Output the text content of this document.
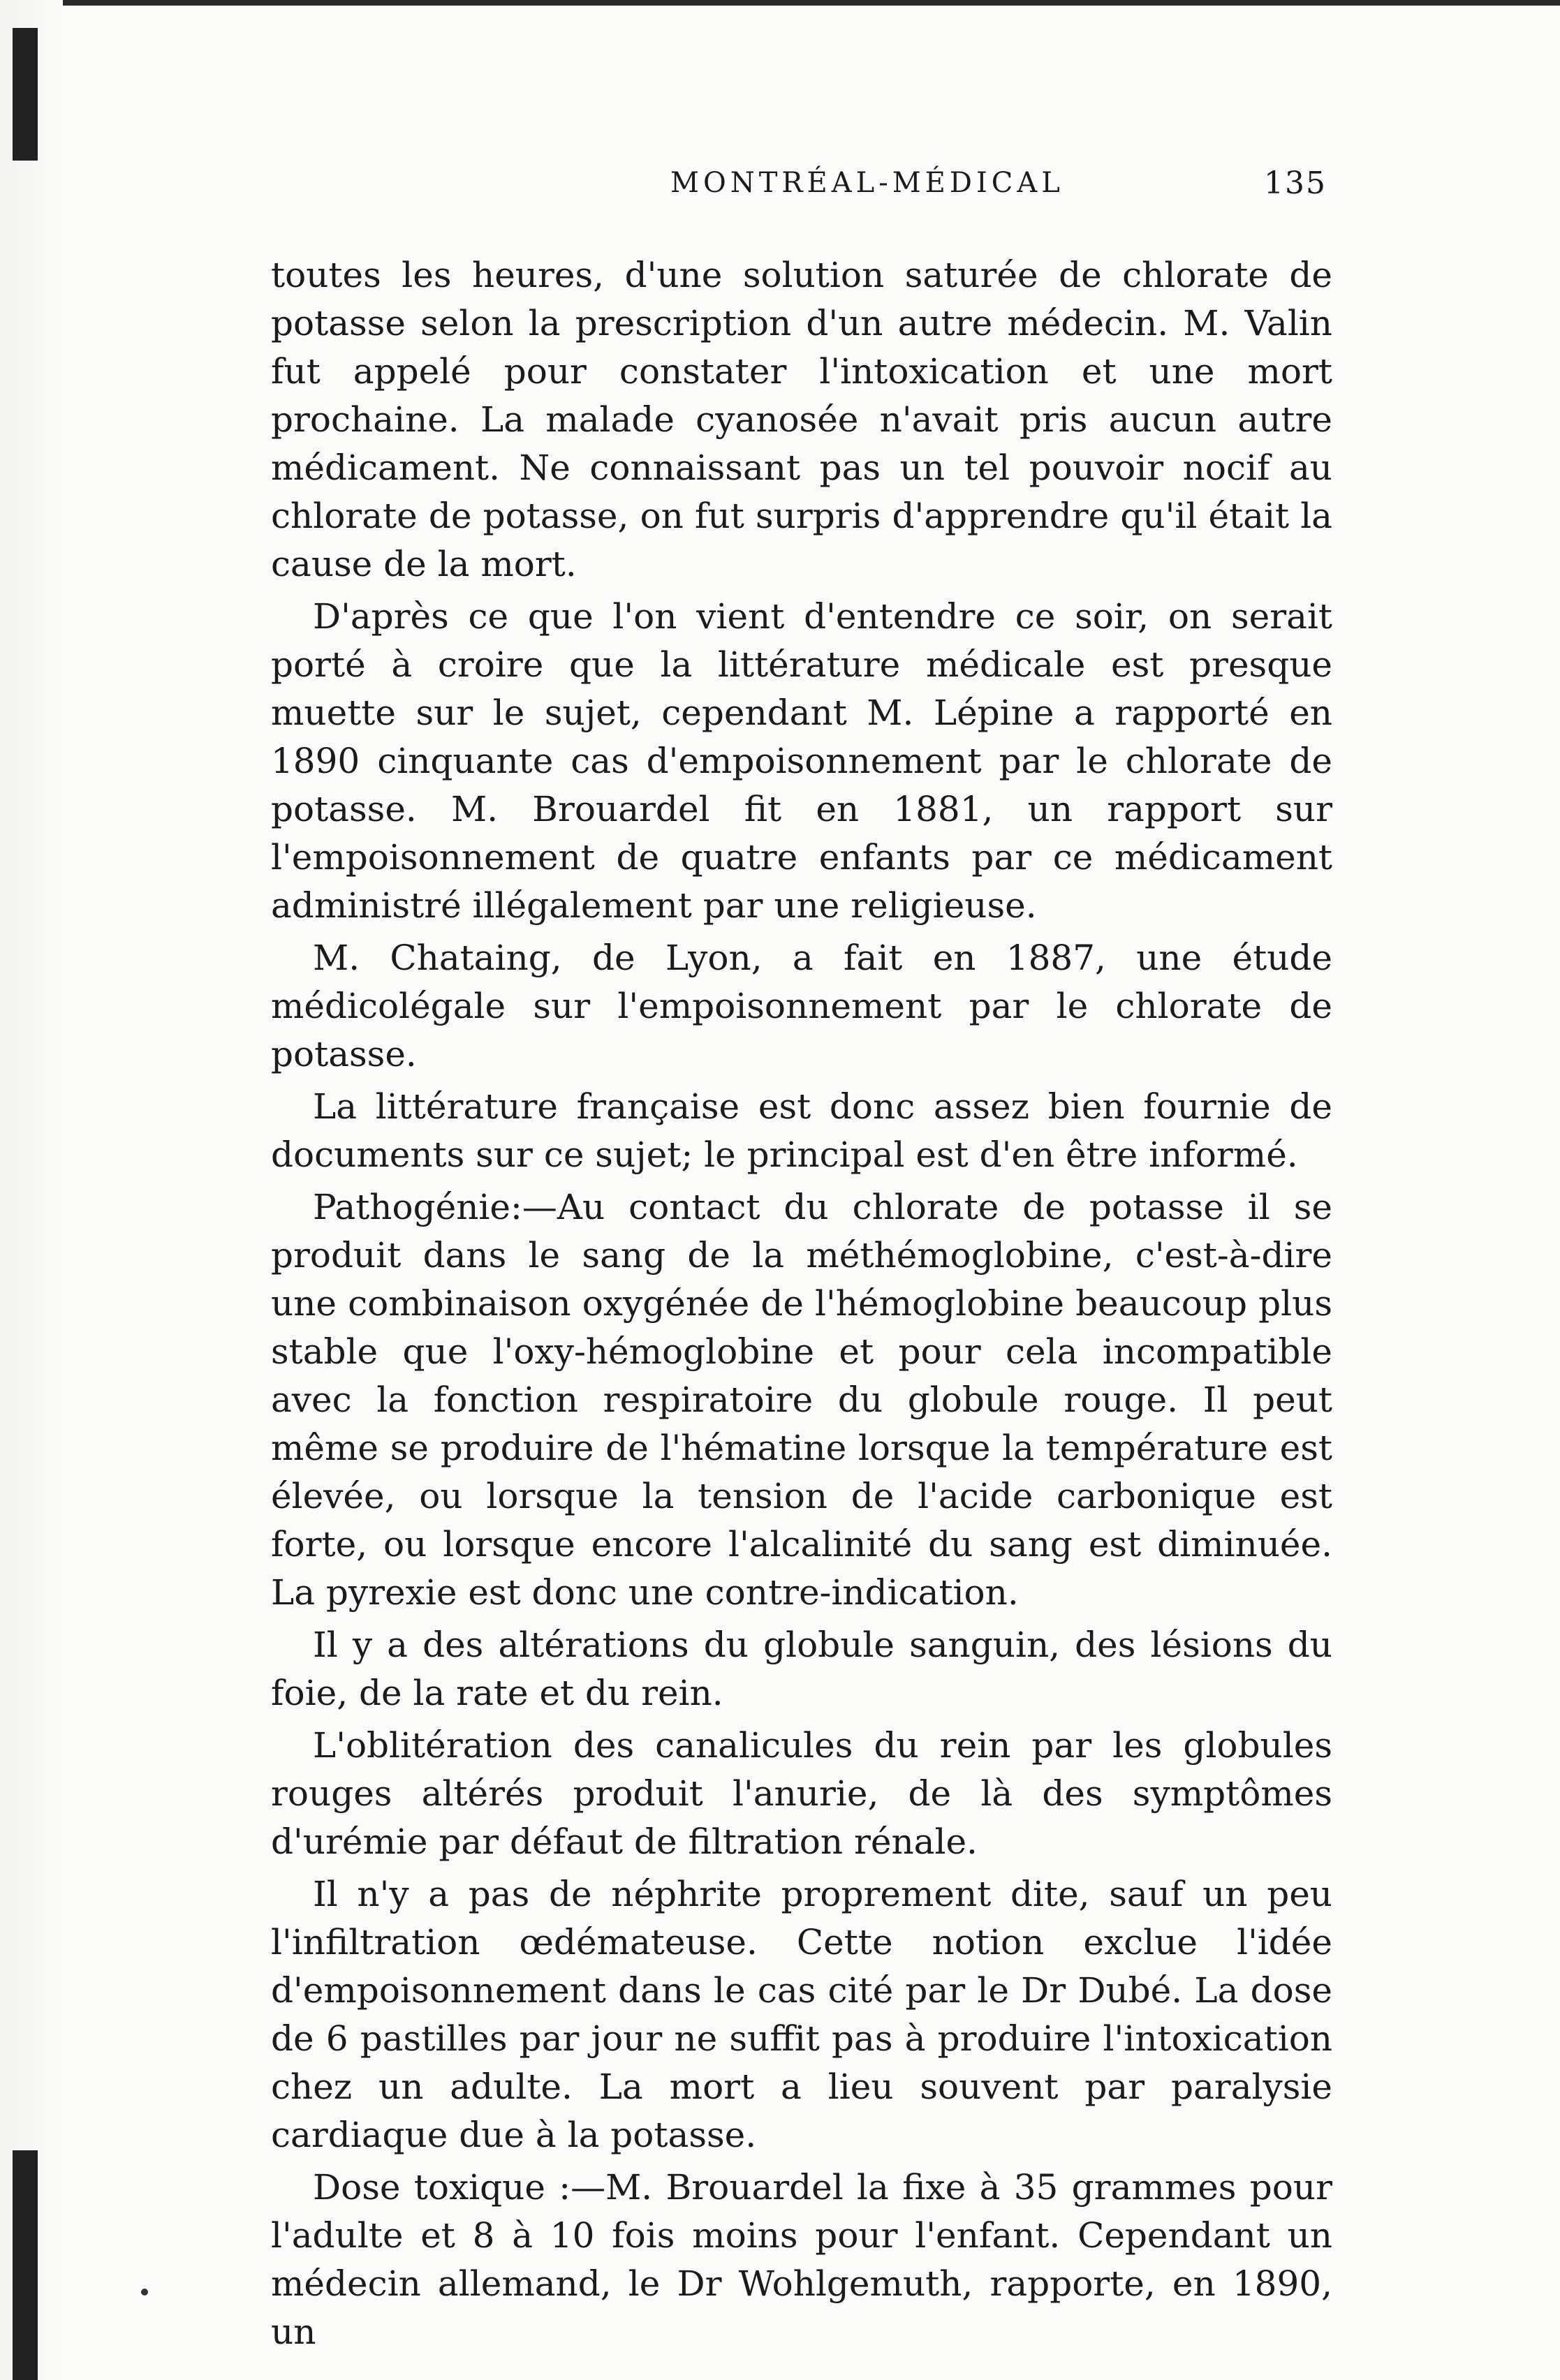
MONTRÉAL-MÉDICAL	135

toutes les heures, d'une solution saturée de chlorate de potasse selon la prescription d'un autre médecin. M. Valin fut appelé pour constater l'intoxication et une mort prochaine. La malade cyanosée n'avait pris aucun autre médicament. Ne connaissant pas un tel pouvoir nocif au chlorate de potasse, on fut surpris d'apprendre qu'il était la cause de la mort.

D'après ce que l'on vient d'entendre ce soir, on serait porté à croire que la littérature médicale est presque muette sur le sujet, cependant M. Lépine a rapporté en 1890 cinquante cas d'empoisonnement par le chlorate de potasse. M. Brouardel fit en 1881, un rapport sur l'empoisonnement de quatre enfants par ce médicament administré illégalement par une religieuse.

M. Chataing, de Lyon, a fait en 1887, une étude médicolégale sur l'empoisonnement par le chlorate de potasse.

La littérature française est donc assez bien fournie de documents sur ce sujet; le principal est d'en être informé.

Pathogénie:—Au contact du chlorate de potasse il se produit dans le sang de la méthémoglobine, c'est-à-dire une combinaison oxygénée de l'hémoglobine beaucoup plus stable que l'oxy-hémoglobine et pour cela incompatible avec la fonction respiratoire du globule rouge. Il peut même se produire de l'hématine lorsque la température est élevée, ou lorsque la tension de l'acide carbonique est forte, ou lorsque encore l'alcalinité du sang est diminuée. La pyrexie est donc une contre-indication.

Il y a des altérations du globule sanguin, des lésions du foie, de la rate et du rein.

L'oblitération des canalicules du rein par les globules rouges altérés produit l'anurie, de là des symptômes d'urémie par défaut de filtration rénale.

Il n'y a pas de néphrite proprement dite, sauf un peu l'infiltration œdémateuse. Cette notion exclue l'idée d'empoisonnement dans le cas cité par le Dr Dubé. La dose de 6 pastilles par jour ne suffit pas à produire l'intoxication chez un adulte. La mort a lieu souvent par paralysie cardiaque due à la potasse.

Dose toxique :—M. Brouardel la fixe à 35 grammes pour l'adulte et 8 à 10 fois moins pour l'enfant. Cependant un médecin allemand, le Dr Wohlgemuth, rapporte, en 1890, un
